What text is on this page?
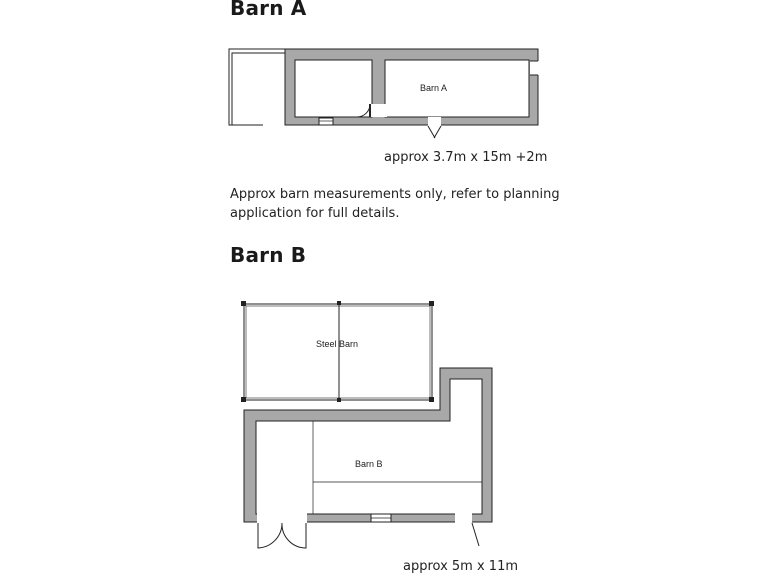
Barn A
Barn A

approx 3.7m x 15m +2m

Approx barn measurements only, refer to planning application for full details.

Barn B
Steel Barn
Barn B

approx 5m x 11m
